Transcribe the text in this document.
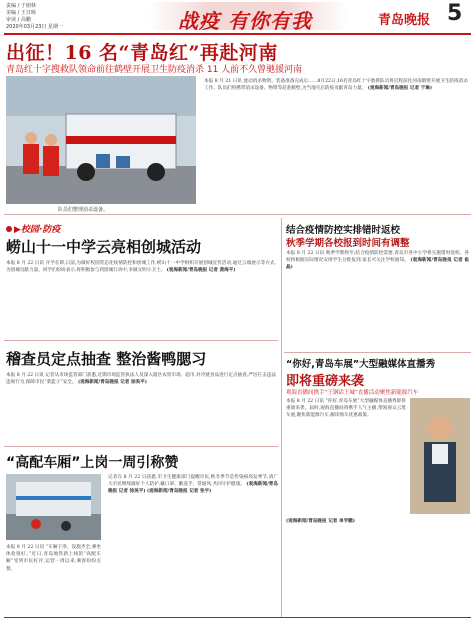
责编 / 于朋林
美编 / 王日旸
审读 / 高鹏
2020年03月23日 星期一	战疫 有你有我	青岛晚报 5
出征！16 名“青岛红”再赴河南
青岛红十字搜救队领命前往鹤壁开展卫生防疫消杀 11 人前不久曾驰援河南
队员们整理消杀设备。
本报 8 月 21 日讯 流动消杀物资、装备准备完成后……8月22日,16名青岛红十字救援队员将启程前往河南鹤壁开展卫生防疫消杀工作。队员们将携带消杀设备、物资等赶赴鹤壁,为当地灾后防疫贡献青岛力量。 (观海新闻/青岛晚报 记者 于琳)
▶校园·防疫
崂山十一中学云亮相创城活动
本报 8 月 22 日讯 开学在即,日前,为做好校园常态化疫情防控和创城工作,崂山十一中学组织开展创城宣传活动,通过云端展示等方式,为创城贡献力量。同学们纷纷表示,将积极参与到创城行动中,争做文明小卫士。 (观海新闻/青岛晚报 记者 黄海平)
稽查员定点抽查 整治酱鸭腮习
本报 8 月 22 日讯 记者从市场监管部门获悉,近期市场监管执法人员深入辖区农贸市场、超市,对冷链食品进行定点抽查,严厉打击违法违规行为,保障市民“菜篮子”安全。 (观海新闻/青岛晚报 记者 徐美平)
“高配车厢”上岗一周引称赞
本报 8 月 22 日讯 “车厢干净、设施齐全,乘坐体验很好。”近日,青岛地铁新上线的“高配车厢”受到市民好评,运营一周以来,乘客纷纷点赞。
记者在 8 月 22 日获悉,市卫生健康部门提醒市民,秋冬季节是传染病高发季节,请广大市民继续做好个人防护,戴口罩、勤洗手、常通风,共同守护健康。 (观海新闻/青岛晚报 记者 徐美平) (观海新闻/青岛晚报 记者 张宇)
结合疫情防控实排错时返校
秋季学期各校报到时间有调整
本报 8 月 22 日讯 秋季学期将至,结合疫情防控需要,青岛市各中小学将实施错时返校。各校将根据实际情况安排学生分批报到,家长可关注学校通知。 (观海新闻/青岛晚报 记者 崔晶)
“你好,青岛车展”大型融媒体直播秀
即将重磅来袭
观海直播间携手“王钢话王城”直播活动聚焦新能源汽车
本报 8 月 22 日讯 “你好,青岛车展”大型融媒体直播秀即将重磅来袭。届时,观海直播间将携手人气主播,带领观众云逛车展,聚焦新能源汽车,解读购车优惠政策。
(观海新闻/青岛晚报 记者 单学鹏)
